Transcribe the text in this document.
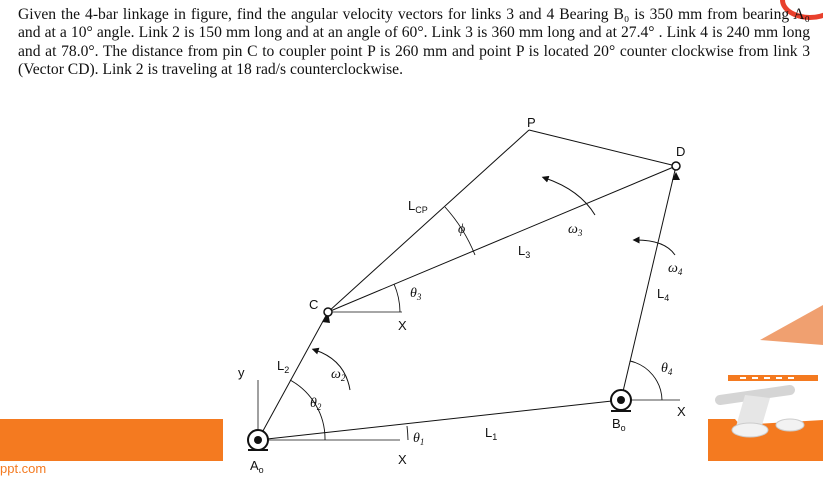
Given the 4-bar linkage in figure, find the angular velocity vectors for links 3 and 4 Bearing B₀ is 350 mm from bearing A₀ and at a 10° angle. Link 2 is 150 mm long and at an angle of 60°. Link 3 is 360 mm long and at 27.4° . Link 4 is 240 mm long and at 78.0°. The distance from pin C to coupler point P is 260 mm and point P is located 20° counter clockwise from link 3 (Vector CD). Link 2 is traveling at 18 rad/s counterclockwise.
ppt.com
P
D
C
y	$L_2$
$L_3$
$L_4$
$L_1$
$L_{CP}$
ϕ	$\omega_3$
$\omega_4$
$\omega_2$
$\theta_3$
$\theta_4$
$\theta_2$
$\theta_1$
X
X
X
$A_o$
$B_o$
